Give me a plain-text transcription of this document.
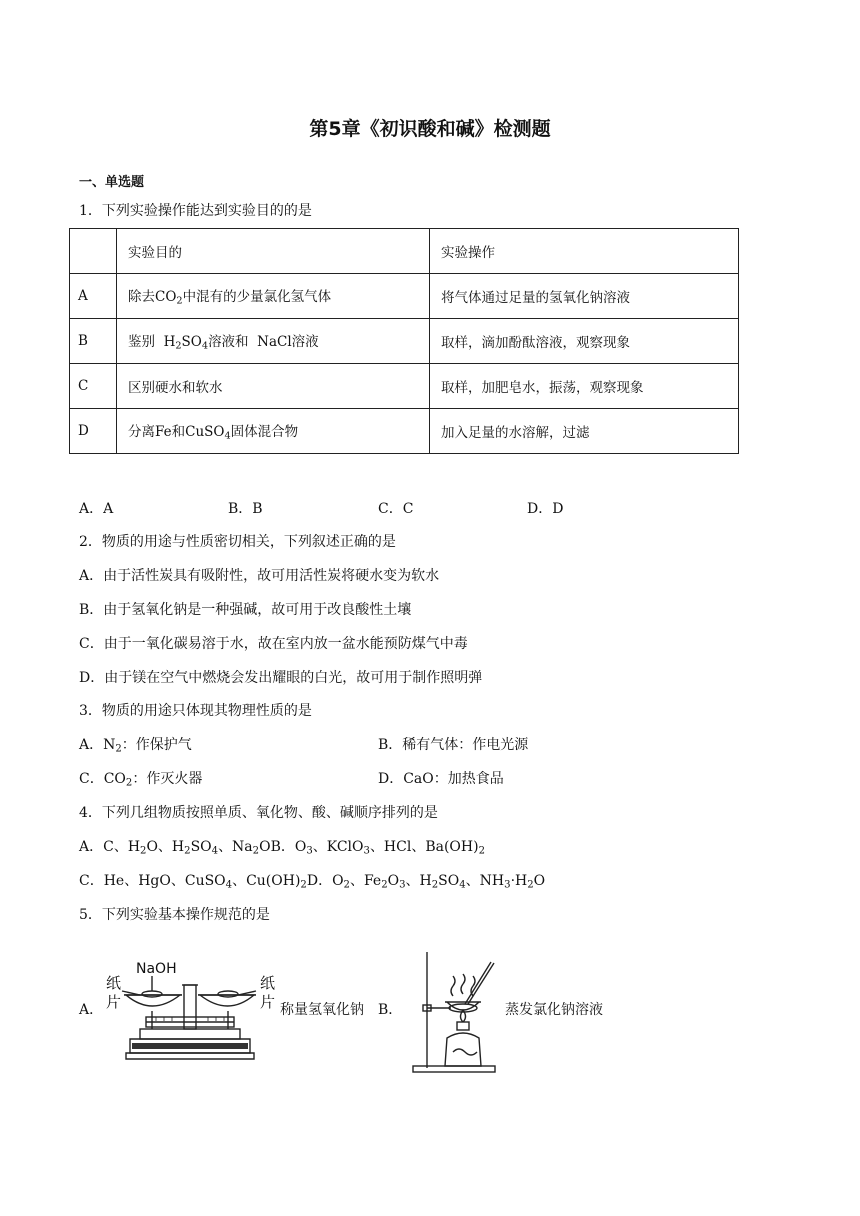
第5章《初识酸和碱》检测题
一、单选题
1．下列实验操作能达到实验目的的是
	实验目的	实验操作
A	除去$CO_2$中混有的少量氯化氢气体	将气体通过足量的氢氧化钠溶液
B	鉴别  $H_2SO_4$溶液和  NaCl溶液	取样，滴加酚酞溶液，观察现象
C	区别硬水和软水	取样，加肥皂水，振荡，观察现象
D	分离Fe和CuSO$_4$固体混合物	加入足量的水溶解，过滤
A．A	B．B	C．C	D．D
2．物质的用途与性质密切相关，下列叙述正确的是
A．由于活性炭具有吸附性，故可用活性炭将硬水变为软水
B．由于氢氧化钠是一种强碱，故可用于改良酸性土壤
C．由于一氧化碳易溶于水，故在室内放一盆水能预防煤气中毒
D．由于镁在空气中燃烧会发出耀眼的白光，故可用于制作照明弹
3．物质的用途只体现其物理性质的是
A．$N_2$：作保护气	B．稀有气体：作电光源
C．$CO_2$：作灭火器	D．CaO：加热食品
4．下列几组物质按照单质、氧化物、酸、碱顺序排列的是
A．C、$H_2O$、$H_2SO_4$、$Na_2OB$．$O_3$、KClO$_3$、HCl、$Ba(OH)_2$
C．He、HgO、CuSO$_4$、$Cu(OH)_2D$．$O_2$、$Fe_2O_3$、$H_2SO_4$、$NH_3\cdot H_2O$
5．下列实验基本操作规范的是
A．
NaOH
纸
片
纸
片 称量氢氧化钠 B．	蒸发氯化钠溶液
